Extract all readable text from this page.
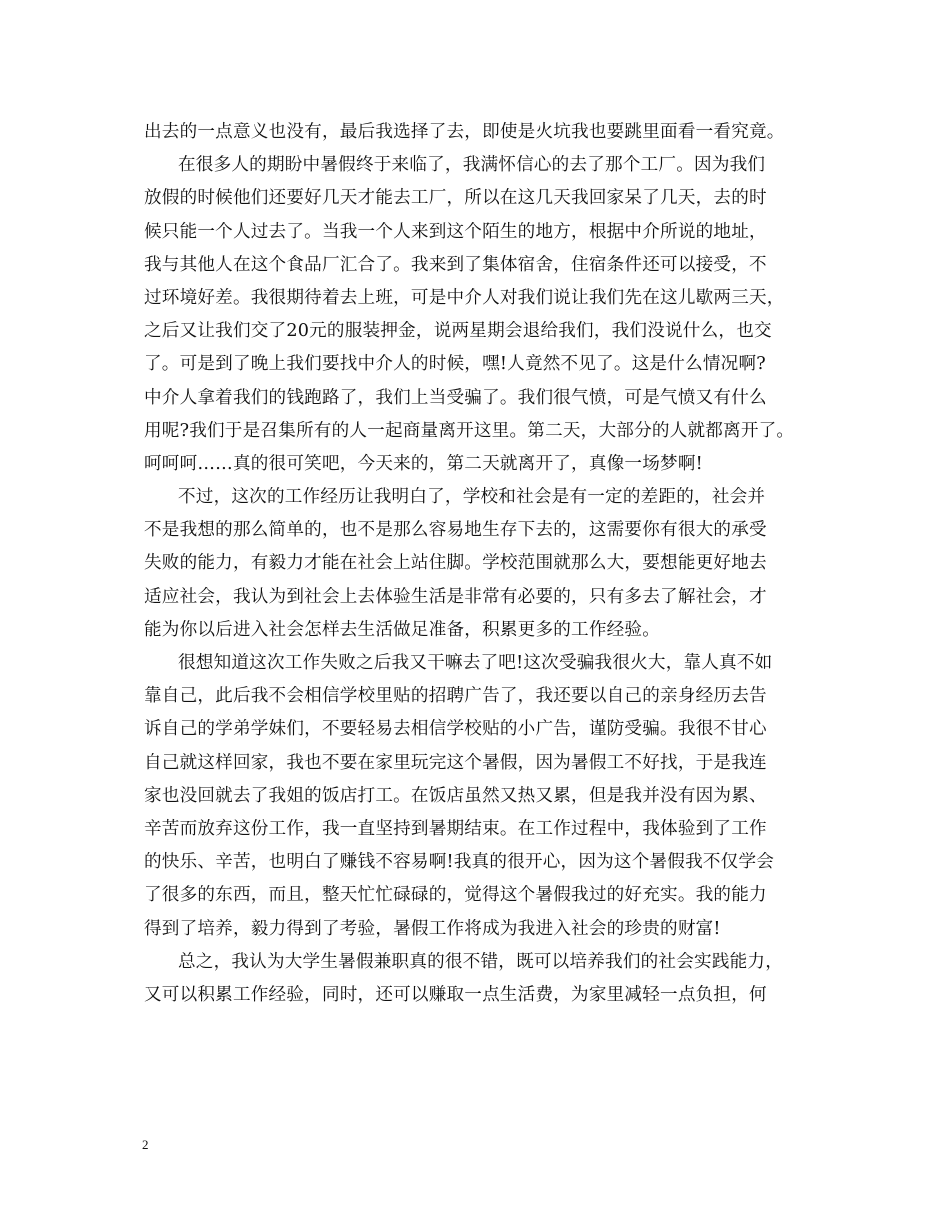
出去的一点意义也没有，最后我选择了去，即使是火坑我也要跳里面看一看究竟。
在很多人的期盼中暑假终于来临了，我满怀信心的去了那个工厂。因为我们
放假的时候他们还要好几天才能去工厂，所以在这几天我回家呆了几天，去的时
候只能一个人过去了。当我一个人来到这个陌生的地方，根据中介所说的地址，
我与其他人在这个食品厂汇合了。我来到了集体宿舍，住宿条件还可以接受，不
过环境好差。我很期待着去上班，可是中介人对我们说让我们先在这儿歇两三天，
之后又让我们交了20元的服装押金，说两星期会退给我们，我们没说什么，也交
了。可是到了晚上我们要找中介人的时候，嘿!人竟然不见了。这是什么情况啊?
中介人拿着我们的钱跑路了，我们上当受骗了。我们很气愤，可是气愤又有什么
用呢?我们于是召集所有的人一起商量离开这里。第二天，大部分的人就都离开了。
呵呵呵……真的很可笑吧，今天来的，第二天就离开了，真像一场梦啊!
不过，这次的工作经历让我明白了，学校和社会是有一定的差距的，社会并
不是我想的那么简单的，也不是那么容易地生存下去的，这需要你有很大的承受
失败的能力，有毅力才能在社会上站住脚。学校范围就那么大，要想能更好地去
适应社会，我认为到社会上去体验生活是非常有必要的，只有多去了解社会，才
能为你以后进入社会怎样去生活做足准备，积累更多的工作经验。
很想知道这次工作失败之后我又干嘛去了吧!这次受骗我很火大，靠人真不如
靠自己，此后我不会相信学校里贴的招聘广告了，我还要以自己的亲身经历去告
诉自己的学弟学妹们，不要轻易去相信学校贴的小广告，谨防受骗。我很不甘心
自己就这样回家，我也不要在家里玩完这个暑假，因为暑假工不好找，于是我连
家也没回就去了我姐的饭店打工。在饭店虽然又热又累，但是我并没有因为累、
辛苦而放弃这份工作，我一直坚持到暑期结束。在工作过程中，我体验到了工作
的快乐、辛苦，也明白了赚钱不容易啊!我真的很开心，因为这个暑假我不仅学会
了很多的东西，而且，整天忙忙碌碌的，觉得这个暑假我过的好充实。我的能力
得到了培养，毅力得到了考验，暑假工作将成为我进入社会的珍贵的财富!
总之，我认为大学生暑假兼职真的很不错，既可以培养我们的社会实践能力，
又可以积累工作经验，同时，还可以赚取一点生活费，为家里减轻一点负担，何
2
